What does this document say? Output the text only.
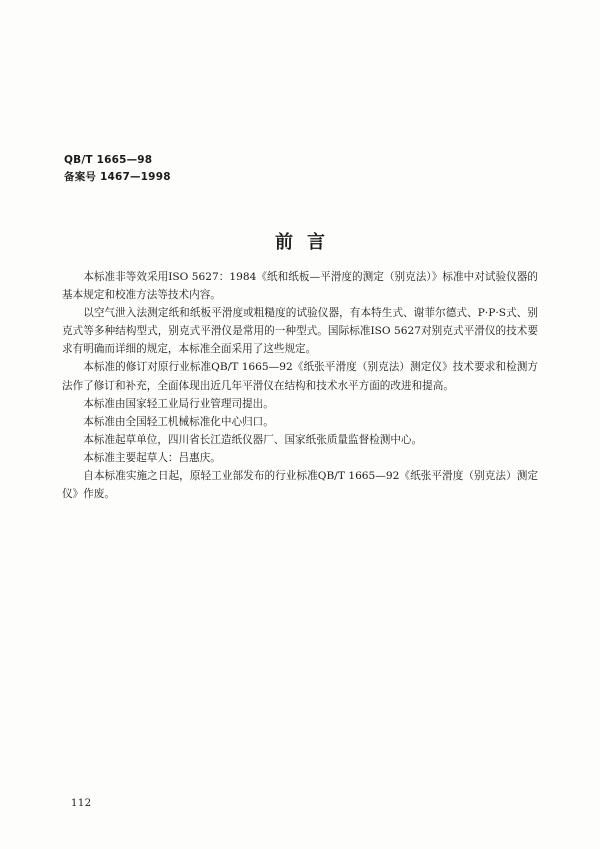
QB/T 1665—98
备案号 1467—1998
前言

本标准非等效采用ISO 5627：1984《纸和纸板—平滑度的测定（别克法）》标准中对试验仪器的基本规定和校准方法等技术内容。

以空气泄入法测定纸和纸板平滑度或粗糙度的试验仪器，有本特生式、谢菲尔德式、P·P·S式、别克式等多种结构型式，别克式平滑仪是常用的一种型式。国际标准ISO 5627对别克式平滑仪的技术要求有明确而详细的规定，本标准全面采用了这些规定。

本标准的修订对原行业标准QB/T 1665—92《纸张平滑度（别克法）测定仪》技术要求和检测方法作了修订和补充，全面体现出近几年平滑仪在结构和技术水平方面的改进和提高。

本标准由国家轻工业局行业管理司提出。

本标准由全国轻工机械标准化中心归口。

本标准起草单位，四川省长江造纸仪器厂、国家纸张质量监督检测中心。

本标准主要起草人：吕惠庆。

自本标准实施之日起，原轻工业部发布的行业标准QB/T 1665—92《纸张平滑度（别克法）测定仪》作废。

112
